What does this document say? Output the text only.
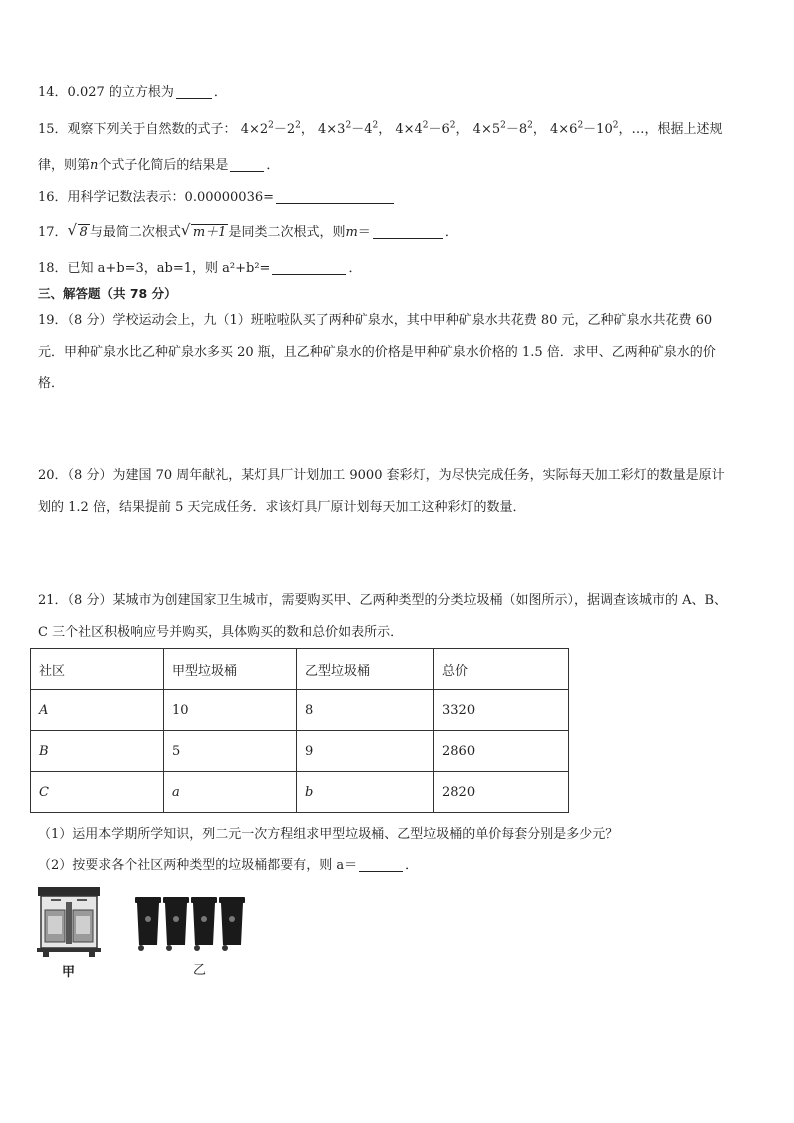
14．0.027 的立方根为	．
15．观察下列关于自然数的式子： $4\times 2^2-2^2$， $4\times 3^2-4^2$， $4\times 4^2-6^2$， $4\times 5^2-8^2$， $4\times 6^2-10^2$，…，根据上述规
律，则第n个式子化简后的结果是	．
16．用科学记数法表示：0.00000036=
17． √ 8 与最简二次根式 √ m＋1 是同类二次根式，则m＝	．
18．已知 a+b=3，ab=1，则 a²+b²=	．
三、解答题（共 78 分）
19．（8 分）学校运动会上，九（1）班啦啦队买了两种矿泉水，其中甲种矿泉水共花费 80 元，乙种矿泉水共花费 60
元．甲种矿泉水比乙种矿泉水多买 20 瓶，且乙种矿泉水的价格是甲种矿泉水价格的 1.5 倍．求甲、乙两种矿泉水的价
格．
20．（8 分）为建国 70 周年献礼，某灯具厂计划加工 9000 套彩灯，为尽快完成任务，实际每天加工彩灯的数量是原计
划的 1.2 倍，结果提前 5 天完成任务．求该灯具厂原计划每天加工这种彩灯的数量．
21．（8 分）某城市为创建国家卫生城市，需要购买甲、乙两种类型的分类垃圾桶（如图所示），据调查该城市的 A、B、
C 三个社区积极响应号并购买，具体购买的数和总价如表所示．
社区	甲型垃圾桶	乙型垃圾桶	总价
A	10	8	3320
B	5	9	2860
C	a	b	2820
（1）运用本学期所学知识，列二元一次方程组求甲型垃圾桶、乙型垃圾桶的单价每套分别是多少元？
（2）按要求各个社区两种类型的垃圾桶都要有，则 a＝	．
甲	乙
